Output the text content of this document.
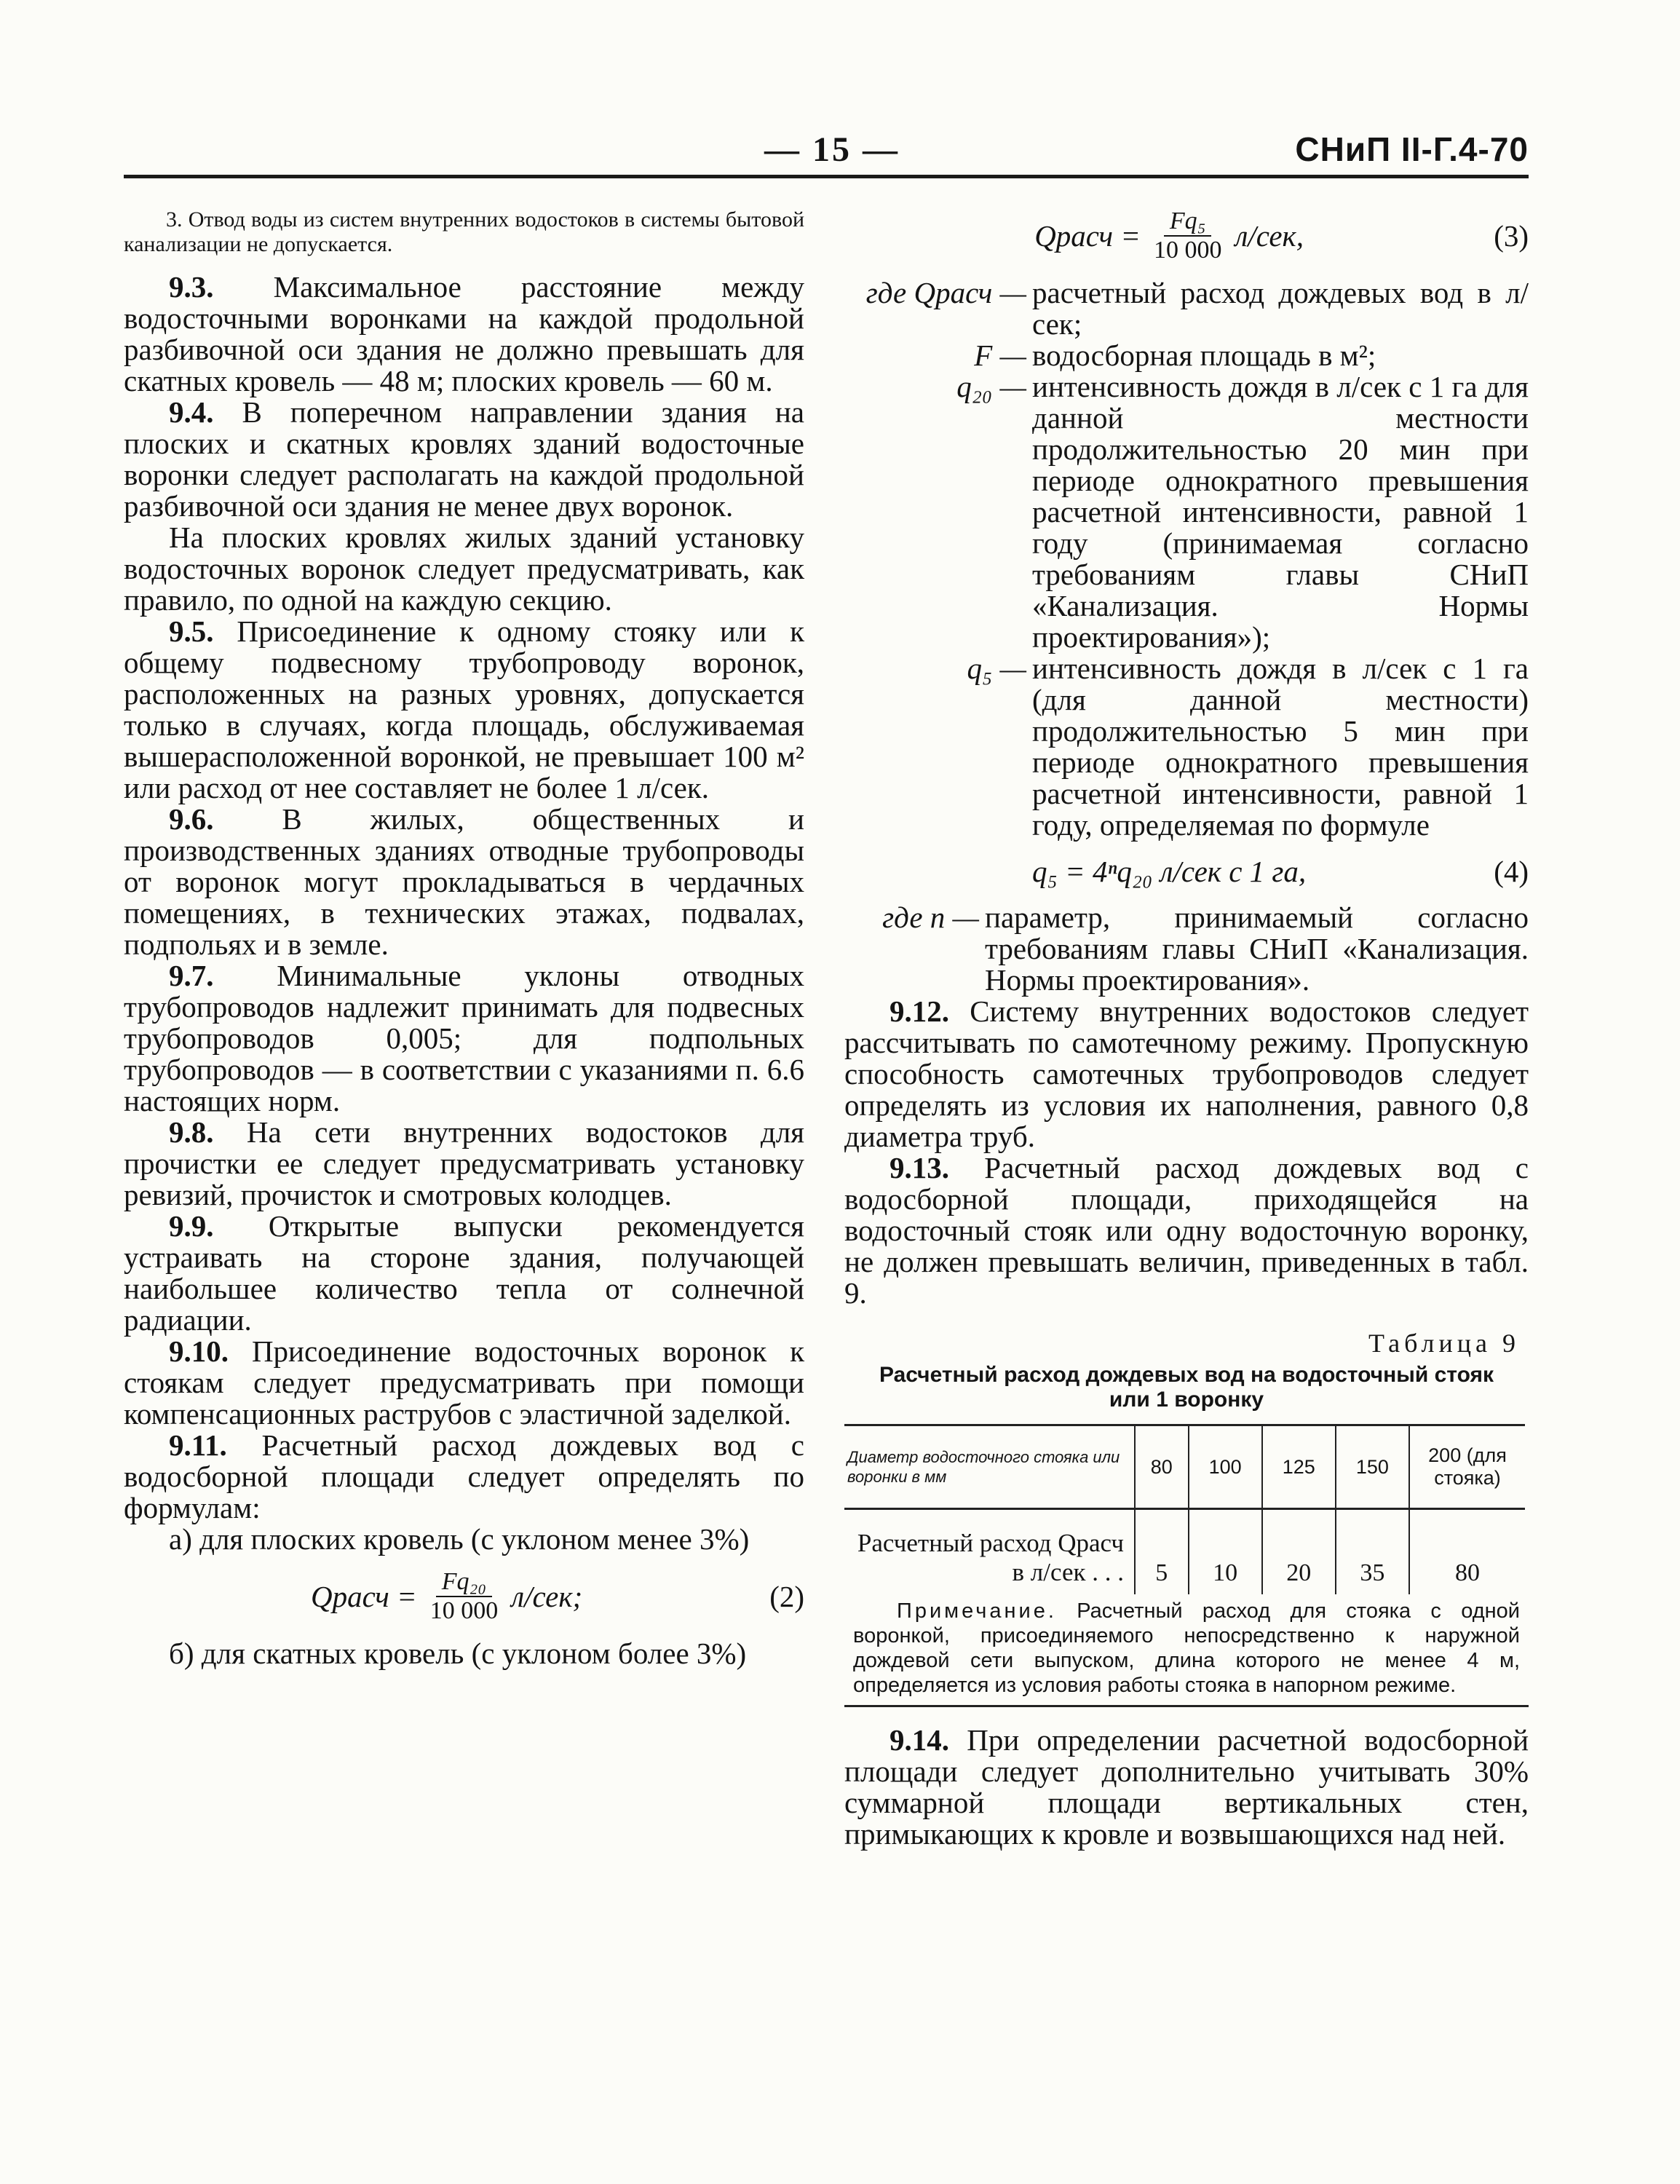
— 15 —	СНиП II-Г.4-70

3. Отвод воды из систем внутренних водостоков в системы бытовой канализации не допускается.

9.3. Максимальное расстояние между водосточными воронками на каждой продольной разбивочной оси здания не должно превышать для скатных кровель — 48 м; плоских кровель — 60 м.

9.4. В поперечном направлении здания на плоских и скатных кровлях зданий водосточные воронки следует располагать на каждой продольной разбивочной оси здания не менее двух воронок.

На плоских кровлях жилых зданий установку водосточных воронок следует предусматривать, как правило, по одной на каждую секцию.

9.5. Присоединение к одному стояку или к общему подвесному трубопроводу воронок, расположенных на разных уровнях, допускается только в случаях, когда площадь, обслуживаемая вышерасположенной воронкой, не превышает 100 м² или расход от нее составляет не более 1 л/сек.

9.6. В жилых, общественных и производственных зданиях отводные трубопроводы от воронок могут прокладываться в чердачных помещениях, в технических этажах, подвалах, подпольях и в земле.

9.7. Минимальные уклоны отводных трубопроводов надлежит принимать для подвесных трубопроводов 0,005; для подпольных трубопроводов — в соответствии с указаниями п. 6.6 настоящих норм.

9.8. На сети внутренних водостоков для прочистки ее следует предусматривать установку ревизий, прочисток и смотровых колодцев.

9.9. Открытые выпуски рекомендуется устраивать на стороне здания, получающей наибольшее количество тепла от солнечной радиации.

9.10. Присоединение водосточных воронок к стоякам следует предусматривать при помощи компенсационных раструбов с эластичной заделкой.

9.11. Расчетный расход дождевых вод с водосборной площади следует определять по формулам:

а) для плоских кровель (с уклоном менее 3%)

Qрасч = $\frac{\text{Fq₂₀}}{10 000} л/сек$;	(2)

б) для скатных кровель (с уклоном более 3%)

Qрасч = $\frac{\text{Fq₅}}{10 000} л/сек$,	(3)
где Qрасч — расчетный расход дождевых вод в л/сек;
F — водосборная площадь в м²;
q₂₀ — интенсивность дождя в л/сек с 1 га для данной местности продолжительностью 20 мин при периоде однократного превышения расчетной интенсивности, равной 1 году (принимаемая согласно требованиям главы СНиП «Канализация. Нормы проектирования»);
q₅ — интенсивность дождя в л/сек с 1 га (для данной местности) продолжительностью 5 мин при периоде однократного превышения расчетной интенсивности, равной 1 году, определяемая по формуле
q₅ = 4ⁿq₂₀ л/сек с 1 га,	(4)
где n — параметр, принимаемый согласно требованиям главы СНиП «Канализация. Нормы проектирования».

9.12. Систему внутренних водостоков следует рассчитывать по самотечному режиму. Пропускную способность самотечных трубопроводов следует определять из условия их наполнения, равного 0,8 диаметра труб.

9.13. Расчетный расход дождевых вод с водосборной площади, приходящейся на водосточный стояк или одну водосточную воронку, не должен превышать величин, приведенных в табл. 9.

Таблица 9
Расчетный расход дождевых вод на водосточный стояк или 1 воронку
Диаметр водосточного стояка или воронки в мм	80	100	125	150	200 (для стояка)
Расчетный расход Qрасч в л/сек . . .	5	10	20	35	80
Примечание. Расчетный расход для стояка с одной воронкой, присоединяемого непосредственно к наружной дождевой сети выпуском, длина которого не менее 4 м, определяется из условия работы стояка в напорном режиме.

9.14. При определении расчетной водосборной площади следует дополнительно учитывать 30% суммарной площади вертикальных стен, примыкающих к кровле и возвышающихся над ней.
